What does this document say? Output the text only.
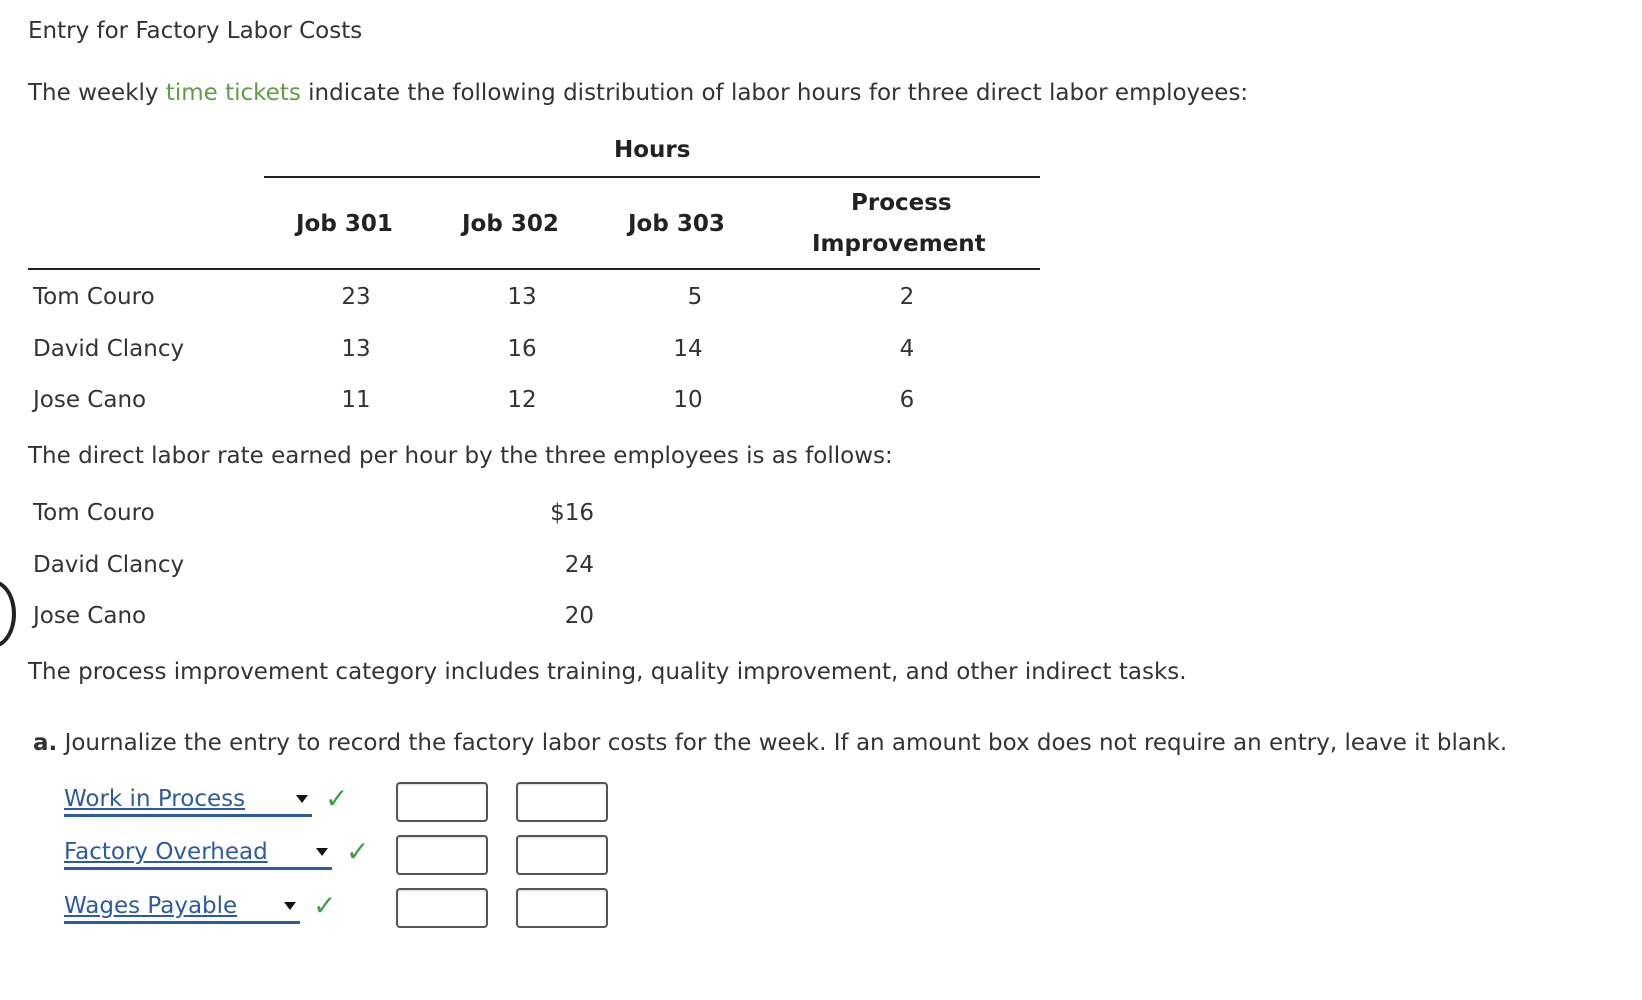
Entry for Factory Labor Costs
The weekly time tickets indicate the following distribution of labor hours for three direct labor employees:
Hours
Job 301	Job 302	Job 303
Process
Improvement
Tom Couro	23	13	5	2
David Clancy	13	16	14	4
Jose Cano	11	12	10	6
The direct labor rate earned per hour by the three employees is as follows:
Tom Couro	$16
David Clancy	24
Jose Cano	20
The process improvement category includes training, quality improvement, and other indirect tasks.
a. Journalize the entry to record the factory labor costs for the week. If an amount box does not require an entry, leave it blank.
Work in Process	✓
Factory Overhead	✓
Wages Payable	✓
